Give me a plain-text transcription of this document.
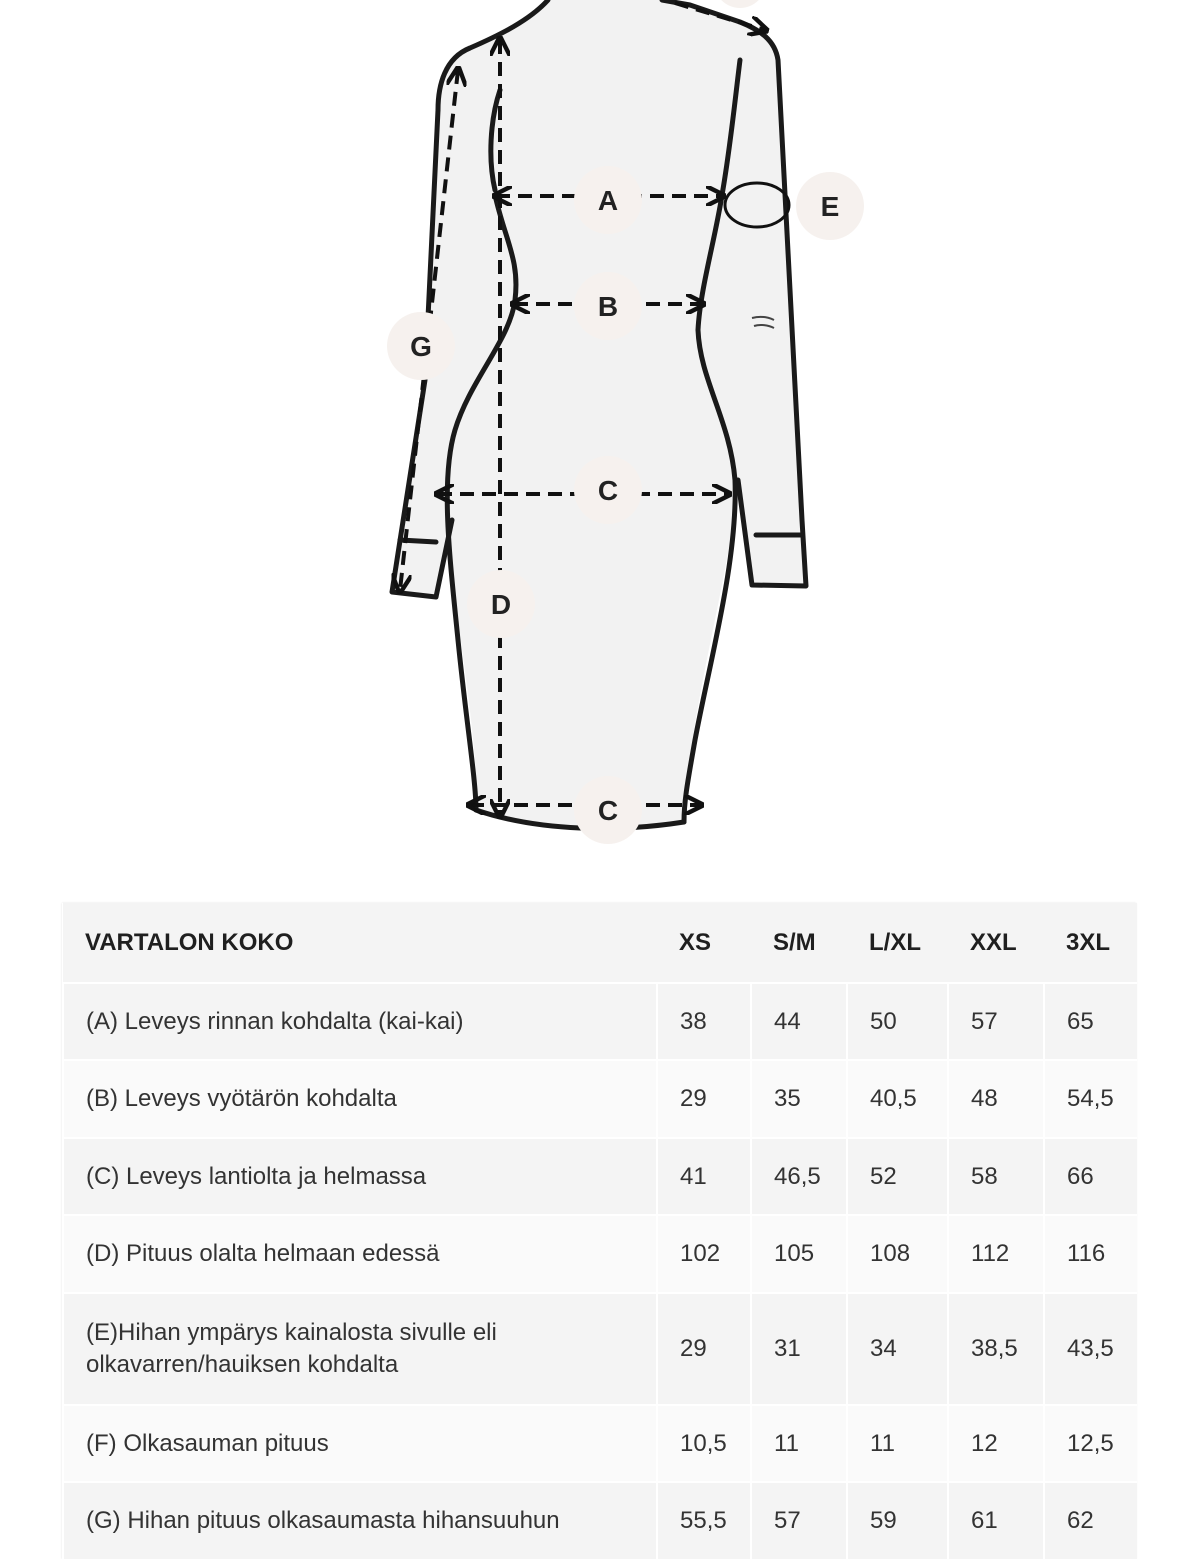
A
B
C
C
D
E
G
VARTALON KOKO	XS	S/M	L/XL	XXL	3XL
(A) Leveys rinnan kohdalta (kai-kai)	38	44	50	57	65
(B) Leveys vyötärön kohdalta	29	35	40,5	48	54,5
(C) Leveys lantiolta ja helmassa	41	46,5	52	58	66
(D) Pituus olalta helmaan edessä	102	105	108	112	116
(E)Hihan ympärys kainalosta sivulle eli olkavarren/hauiksen kohdalta	29	31	34	38,5	43,5
(F) Olkasauman pituus	10,5	11	11	12	12,5
(G) Hihan pituus olkasaumasta hihansuuhun	55,5	57	59	61	62
